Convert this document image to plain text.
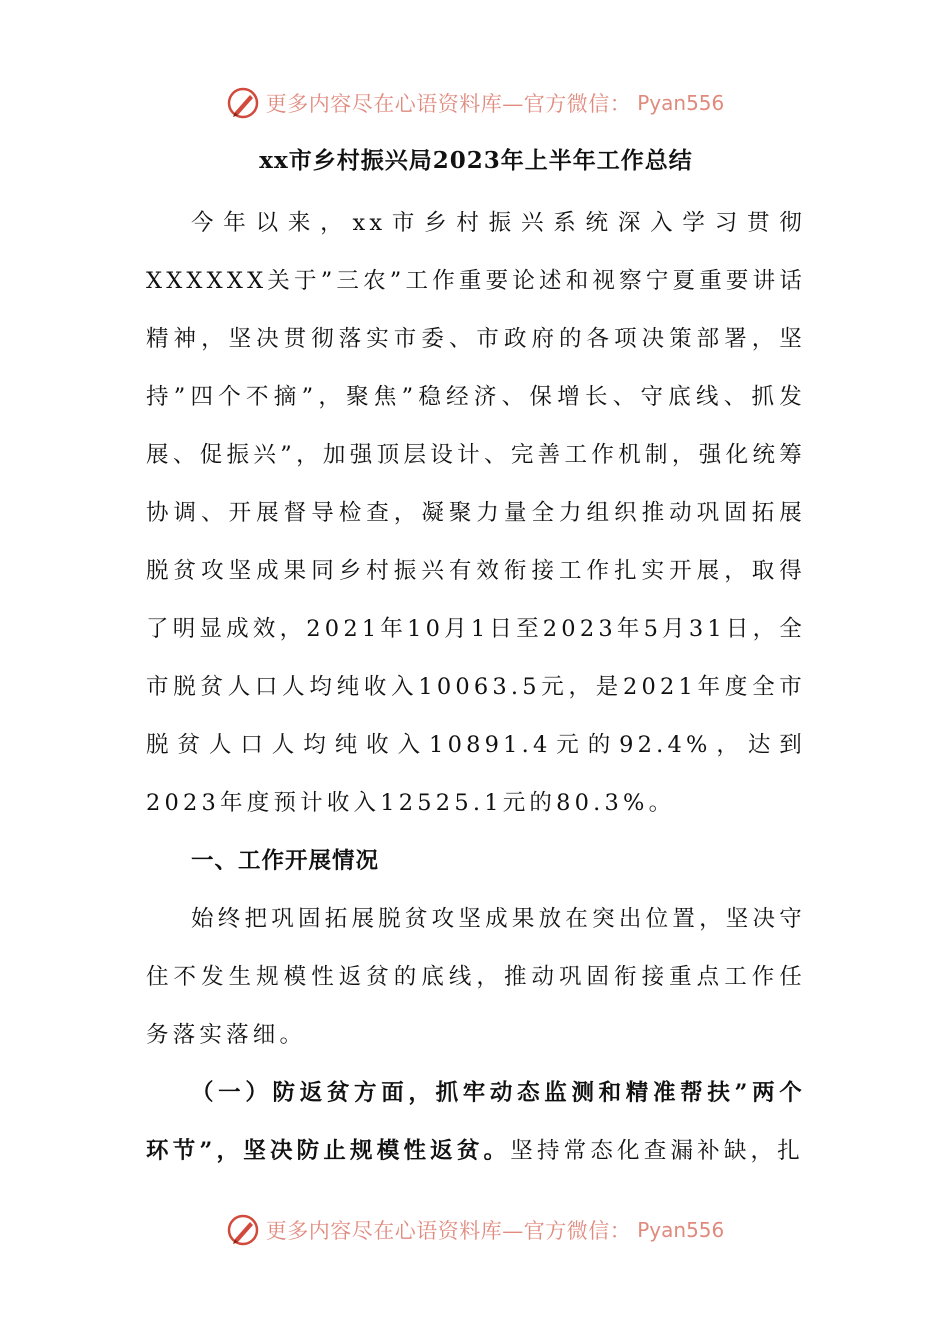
更多内容尽在心语资料库—官方微信： Pyan556
xx市乡村振兴局2023年上半年工作总结

今年以来，xx市乡村振兴系统深入学习贯彻XXXXXX关于”三农”工作重要论述和视察宁夏重要讲话精神，坚决贯彻落实市委、市政府的各项决策部署，坚持”四个不摘”，聚焦”稳经济、保增长、守底线、抓发展、促振兴”，加强顶层设计、完善工作机制，强化统筹协调、开展督导检查，凝聚力量全力组织推动巩固拓展脱贫攻坚成果同乡村振兴有效衔接工作扎实开展，取得了明显成效，2021年10月1日至2023年5月31日，全市脱贫人口人均纯收入10063.5元，是2021年度全市脱贫人口人均纯收入10891.4元的92.4%，达到2023年度预计收入12525.1元的80.3%。

一、工作开展情况

始终把巩固拓展脱贫攻坚成果放在突出位置，坚决守住不发生规模性返贫的底线，推动巩固衔接重点工作任务落实落细。

（一）防返贫方面，抓牢动态监测和精准帮扶”两个环节”，坚决防止规模性返贫。坚持常态化查漏补缺，扎

更多内容尽在心语资料库—官方微信： Pyan556
